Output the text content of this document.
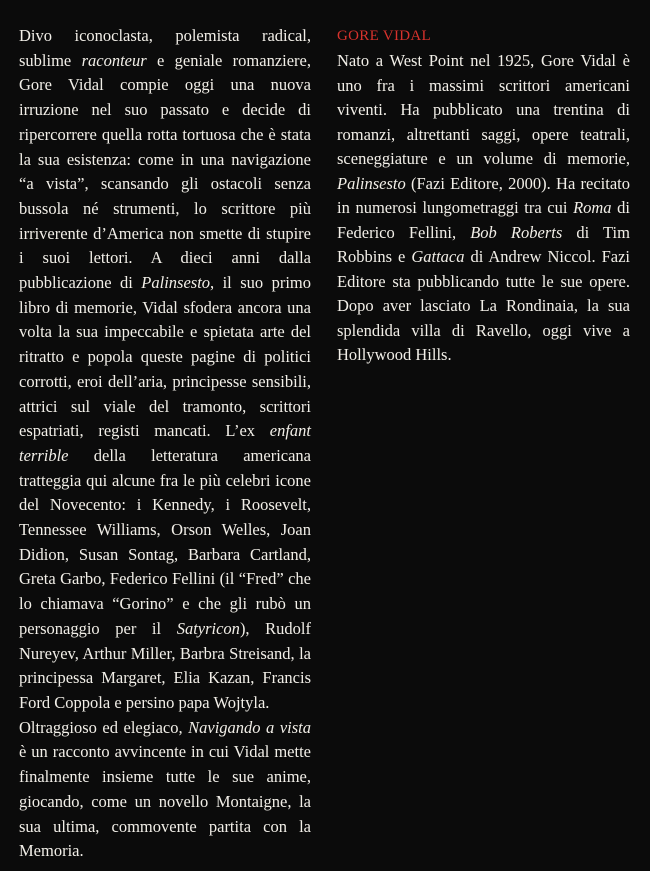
Divo iconoclasta, polemista radical, sublime raconteur e geniale romanziere, Gore Vidal compie oggi una nuova irruzione nel suo passato e decide di ripercorrere quella rotta tortuosa che è stata la sua esistenza: come in una navigazione “a vista”, scansando gli ostacoli senza bussola né strumenti, lo scrittore più irriverente d’America non smette di stupire i suoi lettori. A dieci anni dalla pubblicazione di Palinsesto, il suo primo libro di memorie, Vidal sfodera ancora una volta la sua impeccabile e spietata arte del ritratto e popola queste pagine di politici corrotti, eroi dell’aria, principesse sensibili, attrici sul viale del tramonto, scrittori espatriati, registi mancati. L’ex enfant terrible della letteratura americana tratteggia qui alcune fra le più celebri icone del Novecento: i Kennedy, i Roosevelt, Tennessee Williams, Orson Welles, Joan Didion, Susan Sontag, Barbara Cartland, Greta Garbo, Federico Fellini (il “Fred” che lo chiamava “Gorino” e che gli rubò un personaggio per il Satyricon), Rudolf Nureyev, Arthur Miller, Barbra Streisand, la principessa Margaret, Elia Kazan, Francis Ford Coppola e persino papa Wojtyla.

Oltraggioso ed elegiaco, Navigando a vista è un racconto avvincente in cui Vidal mette finalmente insieme tutte le sue anime, giocando, come un novello Montaigne, la sua ultima, commovente partita con la Memoria.

GORE VIDAL

Nato a West Point nel 1925, Gore Vidal è uno fra i massimi scrittori americani viventi. Ha pubblicato una trentina di romanzi, altrettanti saggi, opere teatrali, sceneggiature e un volume di memorie, Palinsesto (Fazi Editore, 2000). Ha recitato in numerosi lungometraggi tra cui Roma di Federico Fellini, Bob Roberts di Tim Robbins e Gattaca di Andrew Niccol. Fazi Editore sta pubblicando tutte le sue opere. Dopo aver lasciato La Rondinaia, la sua splendida villa di Ravello, oggi vive a Hollywood Hills.
